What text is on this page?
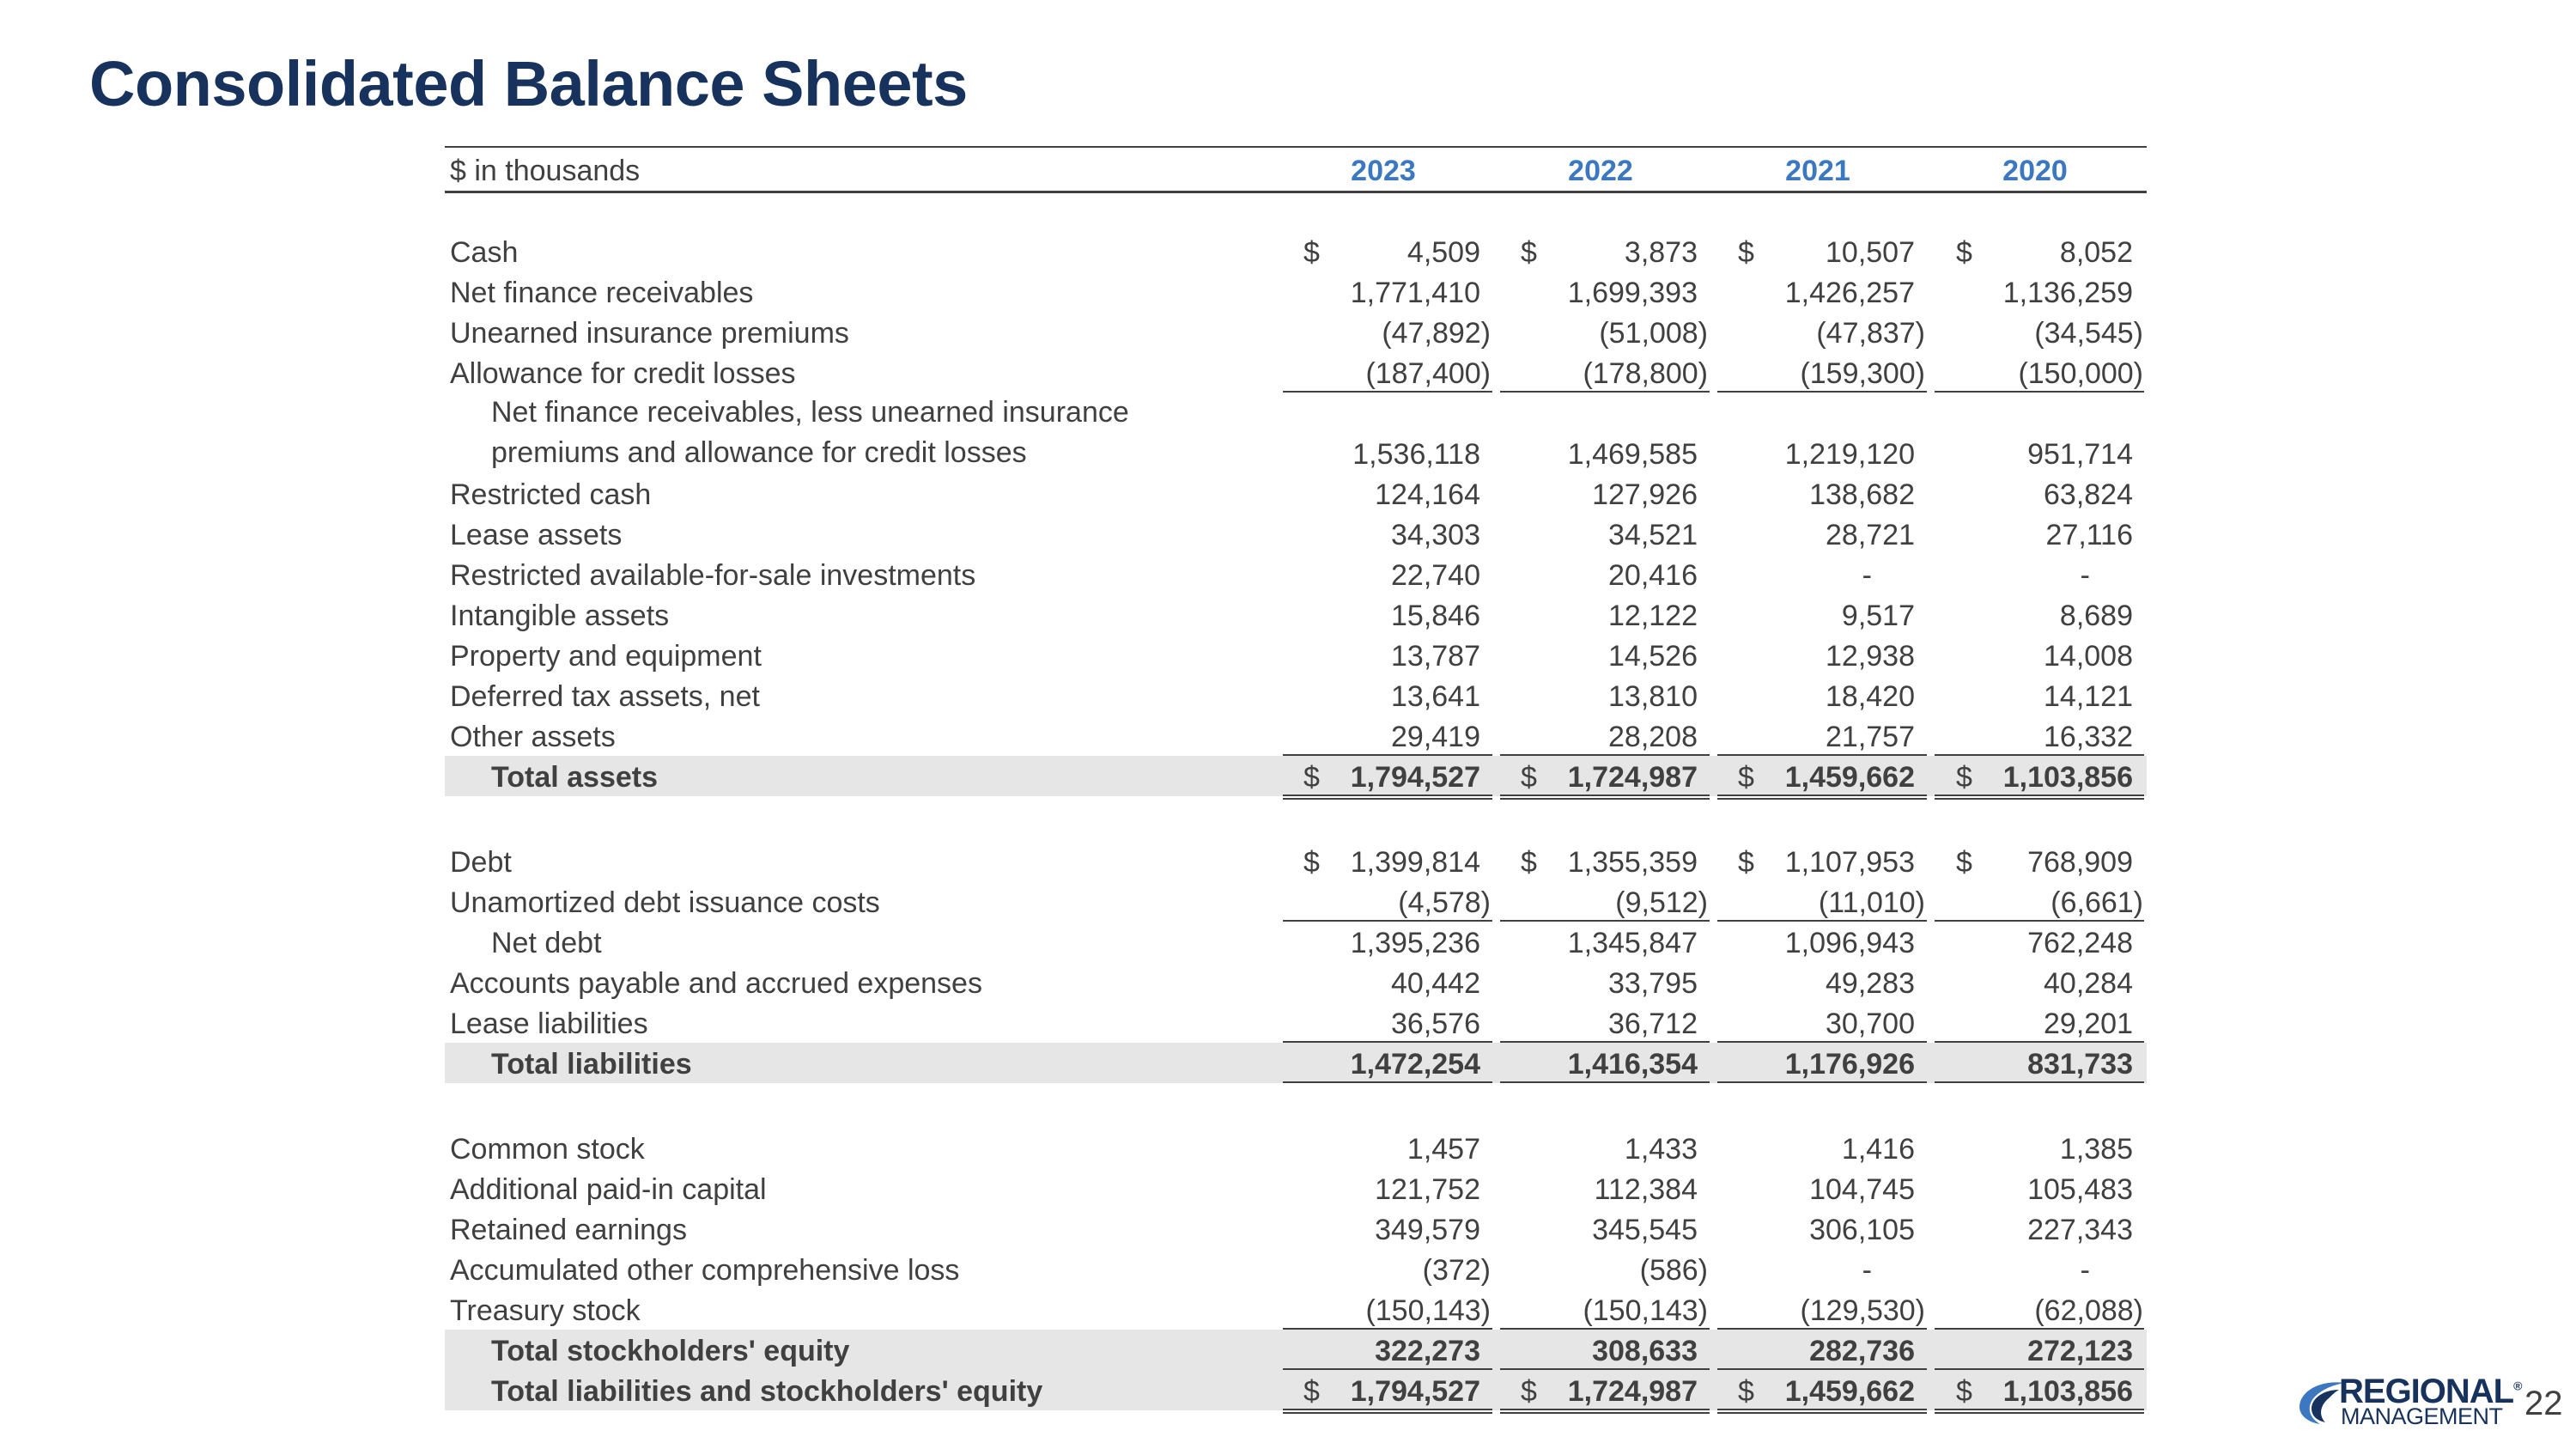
Consolidated Balance Sheets
$ in thousands	2023	2022	2021	2020
Cash	$	4,509 $	3,873 $	10,507 $	8,052
Net finance receivables	1,771,410	1,699,393	1,426,257	1,136,259
Unearned insurance premiums	(47,892)	(51,008)	(47,837)	(34,545)
Allowance for credit losses	(187,400)	(178,800)	(159,300)	(150,000)
Net finance receivables, less unearned insurance premiums and allowance for credit losses	1,536,118	1,469,585	1,219,120	951,714
Restricted cash	124,164	127,926	138,682	63,824
Lease assets	34,303	34,521	28,721	27,116
Restricted available-for-sale investments	22,740	20,416	-	-
Intangible assets	15,846	12,122	9,517	8,689
Property and equipment	13,787	14,526	12,938	14,008
Deferred tax assets, net	13,641	13,810	18,420	14,121
Other assets	29,419	28,208	21,757	16,332
Total assets	$	1,794,527 $	1,724,987 $	1,459,662 $	1,103,856
Debt	$	1,399,814 $	1,355,359 $	1,107,953 $	768,909
Unamortized debt issuance costs	(4,578)	(9,512)	(11,010)	(6,661)
Net debt	1,395,236	1,345,847	1,096,943	762,248
Accounts payable and accrued expenses	40,442	33,795	49,283	40,284
Lease liabilities	36,576	36,712	30,700	29,201
Total liabilities	1,472,254	1,416,354	1,176,926	831,733
Common stock	1,457	1,433	1,416	1,385
Additional paid-in capital	121,752	112,384	104,745	105,483
Retained earnings	349,579	345,545	306,105	227,343
Accumulated other comprehensive loss	(372)	(586)	-	-
Treasury stock	(150,143)	(150,143)	(129,530)	(62,088)
Total stockholders' equity	322,273	308,633	282,736	272,123
Total liabilities and stockholders' equity	$	1,794,527 $	1,724,987 $	1,459,662 $	1,103,856	REGIONAL®
MANAGEMENT 22
